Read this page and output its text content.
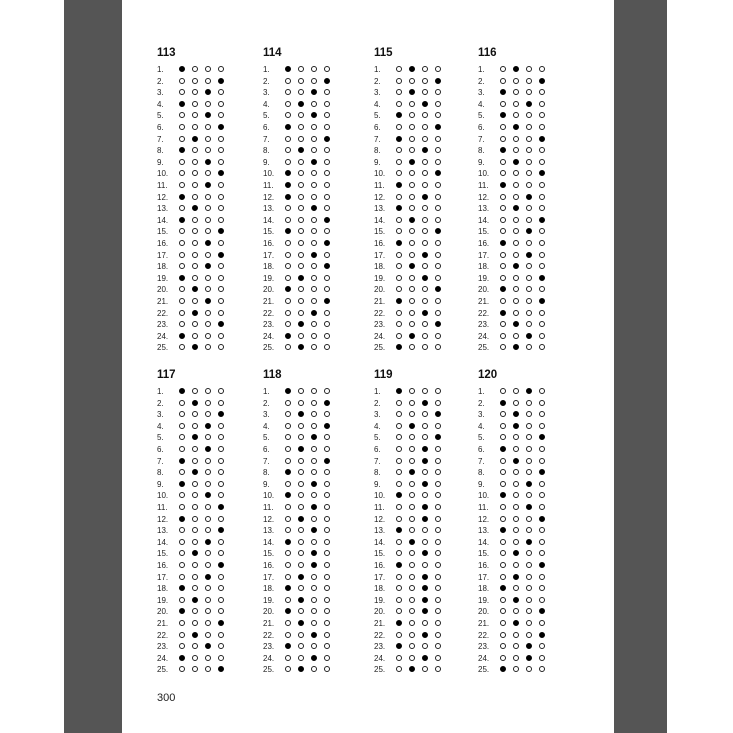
113
1.
2.
3.
4.
5.
6.
7.
8.
9.
10.
11.
12.
13.
14.
15.
16.
17.
18.
19.
20.
21.
22.
23.
24.
25.
114
1.
2.
3.
4.
5.
6.
7.
8.
9.
10.
11.
12.
13.
14.
15.
16.
17.
18.
19.
20.
21.
22.
23.
24.
25.
115
1.
2.
3.
4.
5.
6.
7.
8.
9.
10.
11.
12.
13.
14.
15.
16.
17.
18.
19.
20.
21.
22.
23.
24.
25.
116
1.
2.
3.
4.
5.
6.
7.
8.
9.
10.
11.
12.
13.
14.
15.
16.
17.
18.
19.
20.
21.
22.
23.
24.
25.
117
1.
2.
3.
4.
5.
6.
7.
8.
9.
10.
11.
12.
13.
14.
15.
16.
17.
18.
19.
20.
21.
22.
23.
24.
25.
118
1.
2.
3.
4.
5.
6.
7.
8.
9.
10.
11.
12.
13.
14.
15.
16.
17.
18.
19.
20.
21.
22.
23.
24.
25.
119
1.
2.
3.
4.
5.
6.
7.
8.
9.
10.
11.
12.
13.
14.
15.
16.
17.
18.
19.
20.
21.
22.
23.
24.
25.
120
1.
2.
3.
4.
5.
6.
7.
8.
9.
10.
11.
12.
13.
14.
15.
16.
17.
18.
19.
20.
21.
22.
23.
24.
25.
300
